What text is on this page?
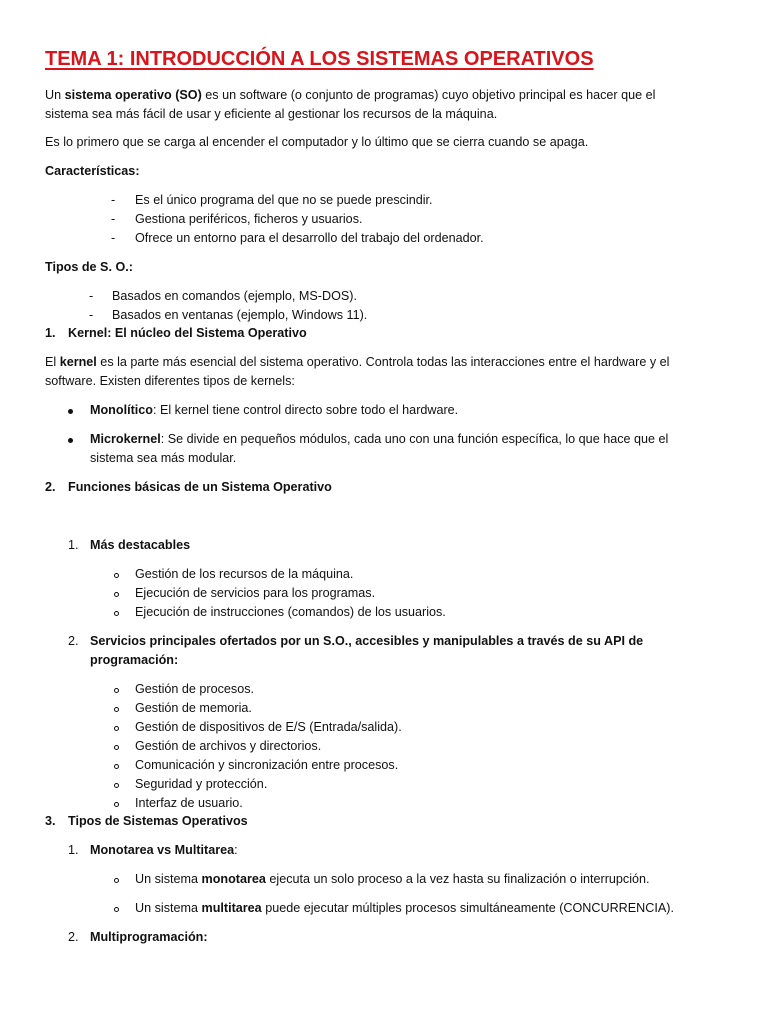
TEMA 1: INTRODUCCIÓN A LOS SISTEMAS OPERATIVOS
Un sistema operativo (SO) es un software (o conjunto de programas) cuyo objetivo principal es hacer que el
sistema sea más fácil de usar y eficiente al gestionar los recursos de la máquina.
Es lo primero que se carga al encender el computador y lo último que se cierra cuando se apaga.
Características:
- Es el único programa del que no se puede prescindir.
- Gestiona periféricos, ficheros y usuarios.
- Ofrece un entorno para el desarrollo del trabajo del ordenador.
Tipos de S. O.:
- Basados en comandos (ejemplo, MS-DOS).
- Basados en ventanas (ejemplo, Windows 11).
1. Kernel: El núcleo del Sistema Operativo
El kernel es la parte más esencial del sistema operativo. Controla todas las interacciones entre el hardware y el
software. Existen diferentes tipos de kernels:
Monolítico: El kernel tiene control directo sobre todo el hardware.
Microkernel: Se divide en pequeños módulos, cada uno con una función específica, lo que hace que el
sistema sea más modular.
2. Funciones básicas de un Sistema Operativo
1. Más destacables
Gestión de los recursos de la máquina.
Ejecución de servicios para los programas.
Ejecución de instrucciones (comandos) de los usuarios.
2. Servicios principales ofertados por un S.O., accesibles y manipulables a través de su API de
programación:
Gestión de procesos.
Gestión de memoria.
Gestión de dispositivos de E/S (Entrada/salida).
Gestión de archivos y directorios.
Comunicación y sincronización entre procesos.
Seguridad y protección.
Interfaz de usuario.
3. Tipos de Sistemas Operativos
1. Monotarea vs Multitarea:
Un sistema monotarea ejecuta un solo proceso a la vez hasta su finalización o interrupción.
Un sistema multitarea puede ejecutar múltiples procesos simultáneamente (CONCURRENCIA).
2. Multiprogramación:
